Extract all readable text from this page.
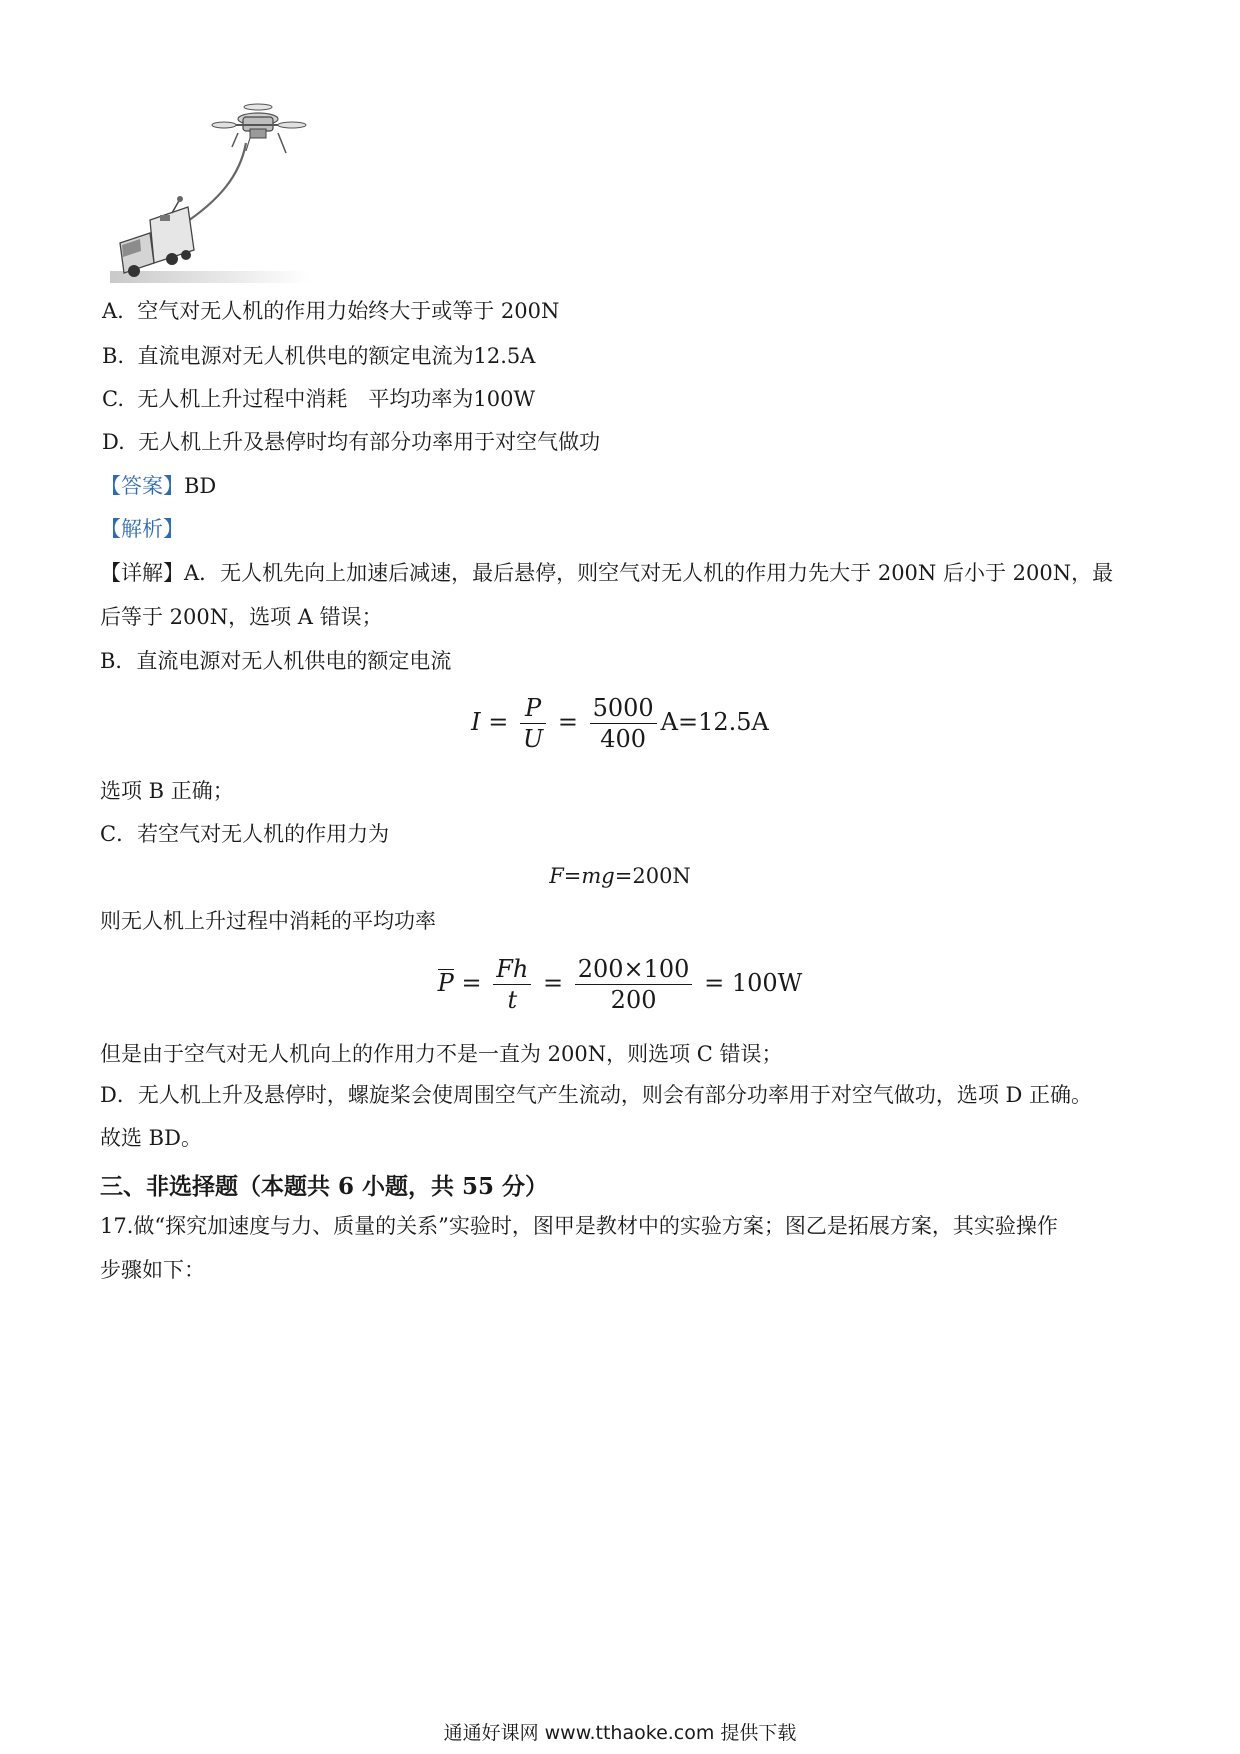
A. 空气对无人机的作用力始终大于或等于 200N
B. 直流电源对无人机供电的额定电流为12.5A
C. 无人机上升过程中消耗　平均功率为100W
D. 无人机上升及悬停时均有部分功率用于对空气做功
【答案】BD
【解析】
【详解】A．无人机先向上加速后减速，最后悬停，则空气对无人机的作用力先大于 200N 后小于 200N，最
后等于 200N，选项 A 错误；
B．直流电源对无人机供电的额定电流
$I = \frac{P}{U} = \frac{5000}{400} A=12.5A$
选项 B 正确；
C．若空气对无人机的作用力为
F=mg=200N
则无人机上升过程中消耗的平均功率
$P = \frac{Fh}{t} = \frac{200\times 100}{200} = 100W$
但是由于空气对无人机向上的作用力不是一直为 200N，则选项 C 错误；
D．无人机上升及悬停时，螺旋桨会使周围空气产生流动，则会有部分功率用于对空气做功，选项 D 正确。
故选 BD。
三、非选择题（本题共 6 小题，共 55 分）
17.做“探究加速度与力、质量的关系”实验时，图甲是教材中的实验方案；图乙是拓展方案，其实验操作
步骤如下：
通通好课网 www.tthaoke.com 提供下载
